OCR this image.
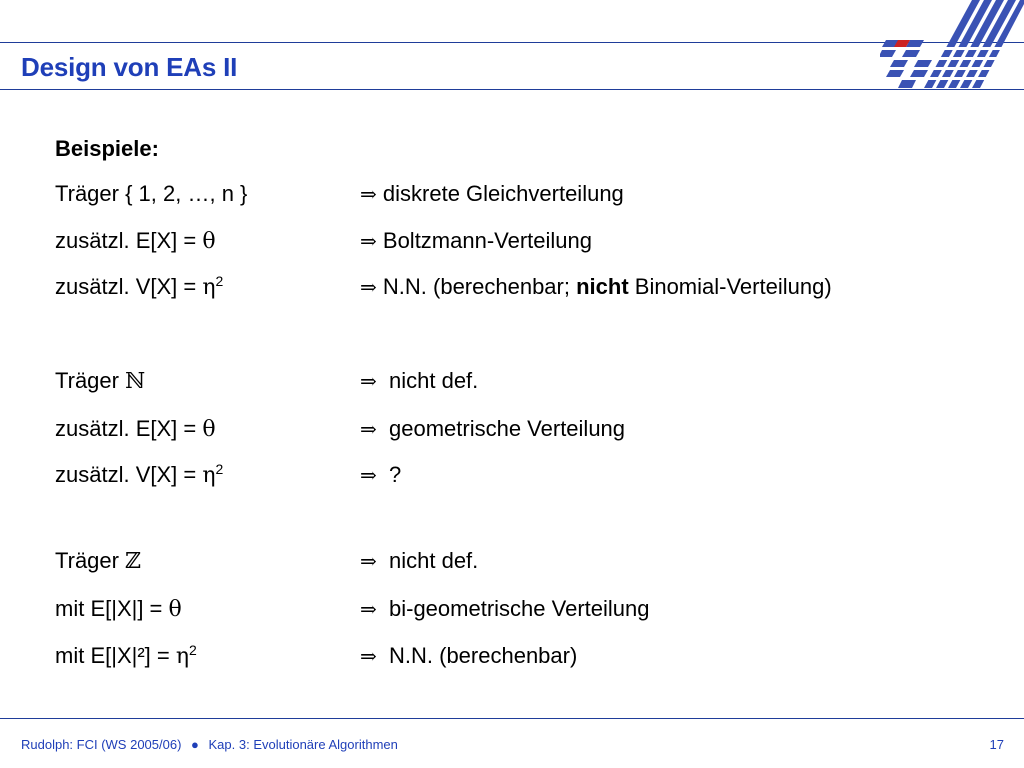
Design von EAs II
Beispiele:
Träger { 1, 2, …, n }	⇒ diskrete Gleichverteilung
zusätzl. E[X] = θ	⇒ Boltzmann-Verteilung
zusätzl. $V[X] = \eta^2$	⇒ N.N. (berechenbar; nicht Binomial-Verteilung)
Träger ℕ	⇒ nicht def.
zusätzl. E[X] = θ	⇒ geometrische Verteilung
zusätzl. $V[X] = \eta^2$	⇒ ?
Träger ℤ	⇒ nicht def.
mit E[|X|] = θ	⇒ bi-geometrische Verteilung
mit $E[|X|^2] = \eta^2$	⇒ N.N. (berechenbar)
Rudolph: FCI (WS 2005/06) ● Kap. 3: Evolutionäre Algorithmen	17
